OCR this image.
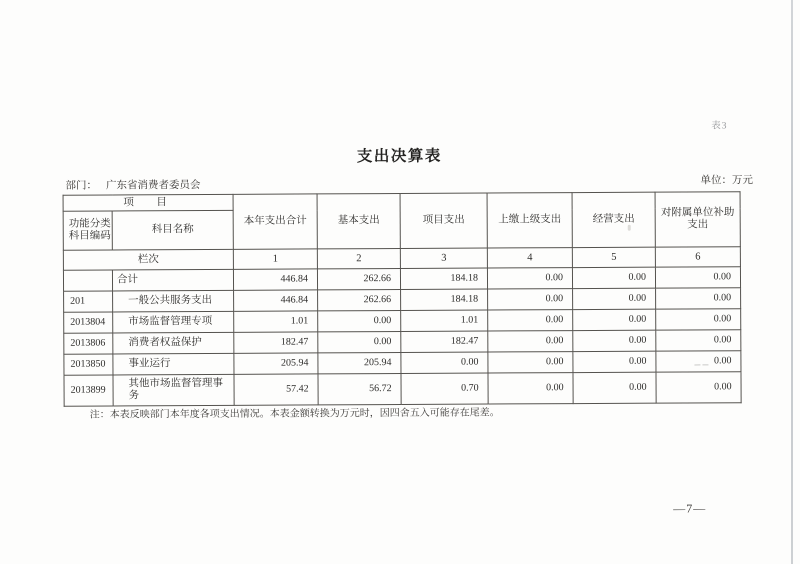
表3
支出决算表
部门： 广东省消费者委员会	单位：万元
项　目		本年支出合计	基本支出	项目支出	上缴上级支出	经营支出	对附属单位补助支出
功能分类科目编码	科目名称						
栏次		1	2	3	4	5	6
	合计	446.84	262.66	184.18	0.00	0.00	0.00
201	一般公共服务支出	446.84	262.66	184.18	0.00	0.00	0.00
2013804	市场监督管理专项	1.01	0.00	1.01	0.00	0.00	0.00
2013806	消费者权益保护	182.47	0.00	182.47	0.00	0.00	0.00
2013850	事业运行	205.94	205.94	0.00	0.00	0.00	0.00
2013899	其他市场监督管理事务	57.42	56.72	0.70	0.00	0.00	0.00
注：本表反映部门本年度各项支出情况。本表金额转换为万元时，因四舍五入可能存在尾差。
—7—
